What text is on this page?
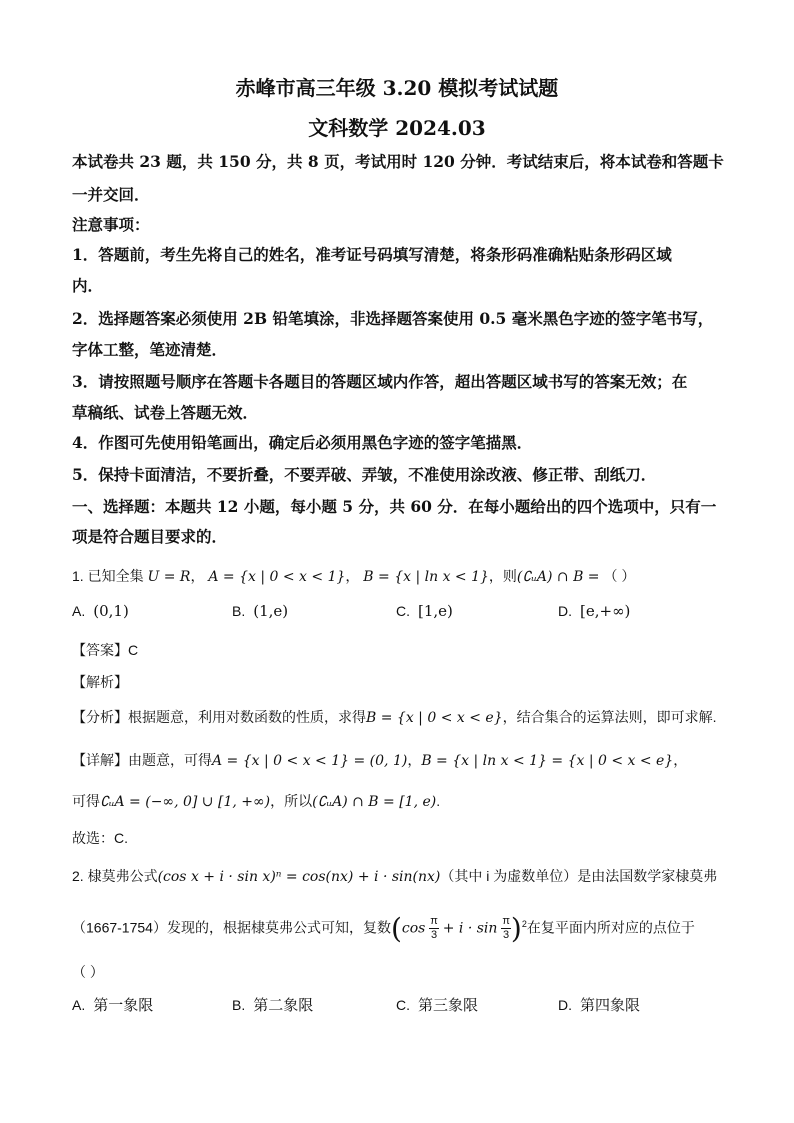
赤峰市高三年级 3.20 模拟考试试题
文科数学 2024.03
本试卷共 23 题，共 150 分，共 8 页，考试用时 120 分钟．考试结束后，将本试卷和答题卡
一并交回．
注意事项：
1．答题前，考生先将自己的姓名，准考证号码填写清楚，将条形码准确粘贴条形码区域
内．
2．选择题答案必须使用 2B 铅笔填涂，非选择题答案使用 0.5 毫米黑色字迹的签字笔书写，
字体工整，笔迹清楚．
3．请按照题号顺序在答题卡各题目的答题区域内作答，超出答题区域书写的答案无效；在
草稿纸、试卷上答题无效．
4．作图可先使用铅笔画出，确定后必须用黑色字迹的签字笔描黑．
5．保持卡面清洁，不要折叠，不要弄破、弄皱，不准使用涂改液、修正带、刮纸刀．
一、选择题：本题共 12 小题，每小题 5 分，共 60 分．在每小题给出的四个选项中，只有一
项是符合题目要求的．
1. 已知全集 U = R， A = {x | 0 < x < 1}， B = {x | ln x < 1}，则(∁ᵤA) ∩ B = （ ）
A. (0,1)	B. (1,e)	C. [1,e)	D. [e,+∞)
【答案】C
【解析】
【分析】根据题意，利用对数函数的性质，求得B = {x | 0 < x < e}，结合集合的运算法则，即可求解.
【详解】由题意，可得A = {x | 0 < x < 1} = (0, 1)，B = {x | ln x < 1} = {x | 0 < x < e}，
可得∁ᵤA = (−∞, 0] ∪ [1, +∞)，所以(∁ᵤA) ∩ B = [1, e).
故选：C.
2. 棣莫弗公式(cos x + i · sin x)ⁿ = cos(nx) + i · sin(nx)（其中 i 为虚数单位）是由法国数学家棣莫弗
（1667-1754）发现的，根据棣莫弗公式可知，复数$(\cos \frac{\pi}{3} + i \cdot \sin \frac{\pi}{3} )^2$在复平面内所对应的点位于
（ ）
A. 第一象限	B. 第二象限	C. 第三象限	D. 第四象限
